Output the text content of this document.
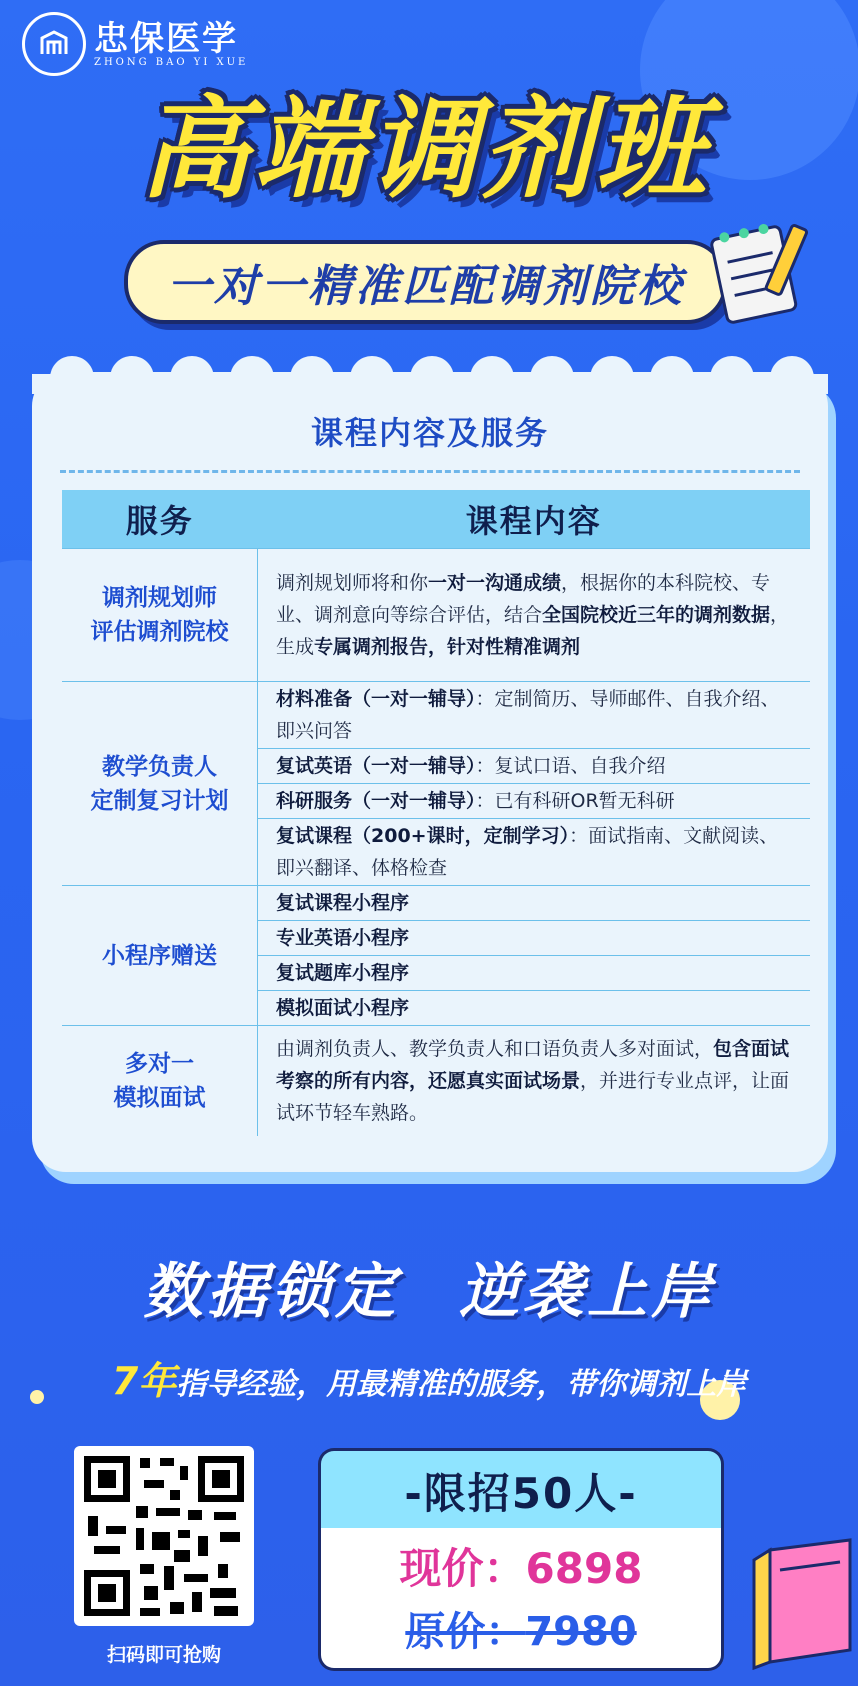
忠保医学
ZHONG BAO YI XUE
高端调剂班
一对一精准匹配调剂院校
课程内容及服务
服务	课程内容

调剂规划师
评估调剂院校	调剂规划师将和你一对一沟通成绩，根据你的本科院校、专业、调剂意向等综合评估，结合全国院校近三年的调剂数据，生成专属调剂报告，针对性精准调剂

教学负责人
定制复习计划	材料准备（一对一辅导）：定制简历、导师邮件、自我介绍、即兴问答
	复试英语（一对一辅导）：复试口语、自我介绍
	科研服务（一对一辅导）：已有科研OR暂无科研
	复试课程（200+课时，定制学习）：面试指南、文献阅读、即兴翻译、体格检查

小程序赠送	复试课程小程序
	专业英语小程序
	复试题库小程序
	模拟面试小程序

多对一
模拟面试	由调剂负责人、教学负责人和口语负责人多对面试，包含面试考察的所有内容，还愿真实面试场景，并进行专业点评，让面试环节轻车熟路。
数据锁定 逆袭上岸
7年指导经验，用最精准的服务，带你调剂上岸
扫码即可抢购
-限招50人-
现价：6898
原价：7980
